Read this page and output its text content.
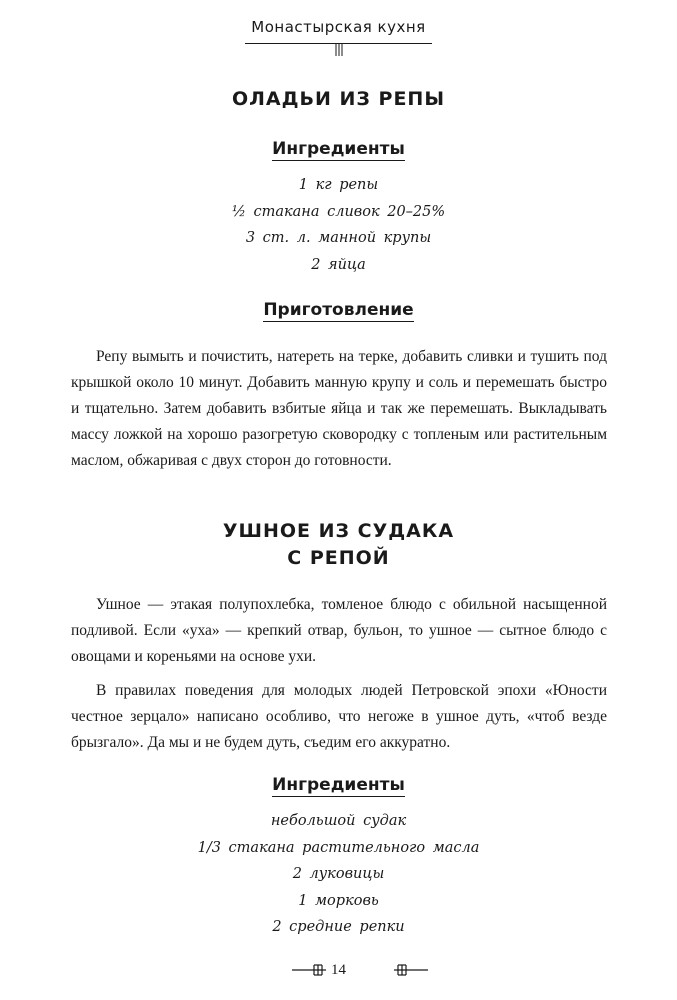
Монастырская кухня
ОЛАДЬИ ИЗ РЕПЫ
Ингредиенты
1 кг репы
½ стакана сливок 20–25%
3 ст. л. манной крупы
2 яйца
Приготовление

Репу вымыть и почистить, натереть на терке, добавить сливки и тушить под крышкой около 10 минут. Добавить манную крупу и соль и перемешать быстро и тщательно. Затем добавить взбитые яйца и так же перемешать. Выкладывать массу ложкой на хорошо разогретую сковородку с топленым или растительным маслом, обжаривая с двух сторон до готовности.

УШНОЕ ИЗ СУДАКА
С РЕПОЙ

Ушное — этакая полупохлебка, томленое блюдо с обильной насыщенной подливой. Если «уха» — крепкий отвар, бульон, то ушное — сытное блюдо с овощами и кореньями на основе ухи.

В правилах поведения для молодых людей Петровской эпохи «Юности честное зерцало» написано особливо, что негоже в ушное дуть, «чтоб везде брызгало». Да мы и не будем дуть, съедим его аккуратно.

Ингредиенты
небольшой судак
1/3 стакана растительного масла
2 луковицы
1 морковь
2 средние репки
14
